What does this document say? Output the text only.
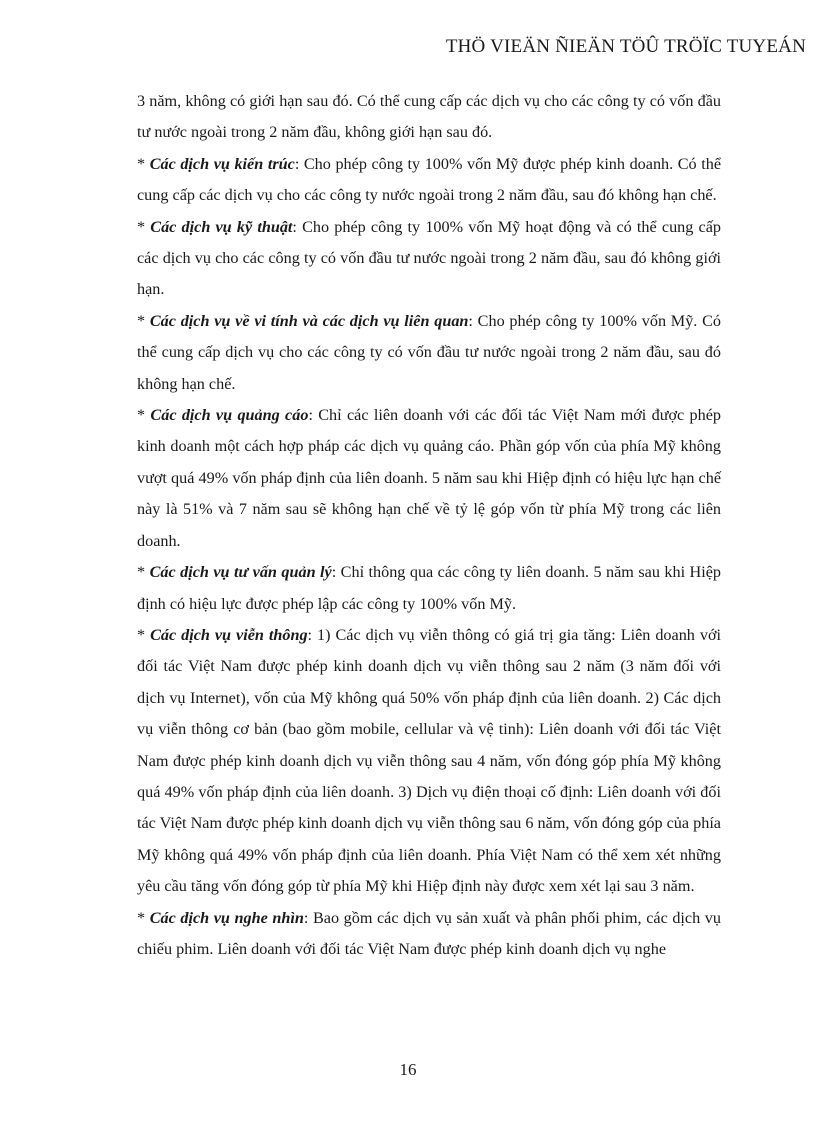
THÖ VIEÄN ÑIEÄN TÖÛ TRÖÏC TUYEÁN

3 năm, không có giới hạn sau đó. Có thể cung cấp các dịch vụ cho các công ty có vốn đầu tư nước ngoài trong 2 năm đầu, không giới hạn sau đó.

* Các dịch vụ kiến trúc: Cho phép công ty 100% vốn Mỹ được phép kinh doanh. Có thể cung cấp các dịch vụ cho các công ty nước ngoài trong 2 năm đầu, sau đó không hạn chế.

* Các dịch vụ kỹ thuật: Cho phép công ty 100% vốn Mỹ hoạt động và có thể cung cấp các dịch vụ cho các công ty có vốn đầu tư nước ngoài trong 2 năm đầu, sau đó không giới hạn.

* Các dịch vụ về vi tính và các dịch vụ liên quan: Cho phép công ty 100% vốn Mỹ. Có thể cung cấp dịch vụ cho các công ty có vốn đầu tư nước ngoài trong 2 năm đầu, sau đó không hạn chế.

* Các dịch vụ quảng cáo: Chỉ các liên doanh với các đối tác Việt Nam mới được phép kinh doanh một cách hợp pháp các dịch vụ quảng cáo. Phần góp vốn của phía Mỹ không vượt quá 49% vốn pháp định của liên doanh. 5 năm sau khi Hiệp định có hiệu lực hạn chế này là 51% và 7 năm sau sẽ không hạn chế về tỷ lệ góp vốn từ phía Mỹ trong các liên doanh.

* Các dịch vụ tư vấn quản lý: Chỉ thông qua các công ty liên doanh. 5 năm sau khi Hiệp định có hiệu lực được phép lập các công ty 100% vốn Mỹ.

* Các dịch vụ viễn thông: 1) Các dịch vụ viễn thông có giá trị gia tăng: Liên doanh với đối tác Việt Nam được phép kinh doanh dịch vụ viễn thông sau 2 năm (3 năm đối với dịch vụ Internet), vốn của Mỹ không quá 50% vốn pháp định của liên doanh. 2) Các dịch vụ viễn thông cơ bản (bao gồm mobile, cellular và vệ tinh): Liên doanh với đối tác Việt Nam được phép kinh doanh dịch vụ viễn thông sau 4 năm, vốn đóng góp phía Mỹ không quá 49% vốn pháp định của liên doanh. 3) Dịch vụ điện thoại cố định: Liên doanh với đối tác Việt Nam được phép kinh doanh dịch vụ viễn thông sau 6 năm, vốn đóng góp của phía Mỹ không quá 49% vốn pháp định của liên doanh. Phía Việt Nam có thể xem xét những yêu cầu tăng vốn đóng góp từ phía Mỹ khi Hiệp định này được xem xét lại sau 3 năm.

* Các dịch vụ nghe nhìn: Bao gồm các dịch vụ sản xuất và phân phối phim, các dịch vụ chiếu phim. Liên doanh với đối tác Việt Nam được phép kinh doanh dịch vụ nghe

16
